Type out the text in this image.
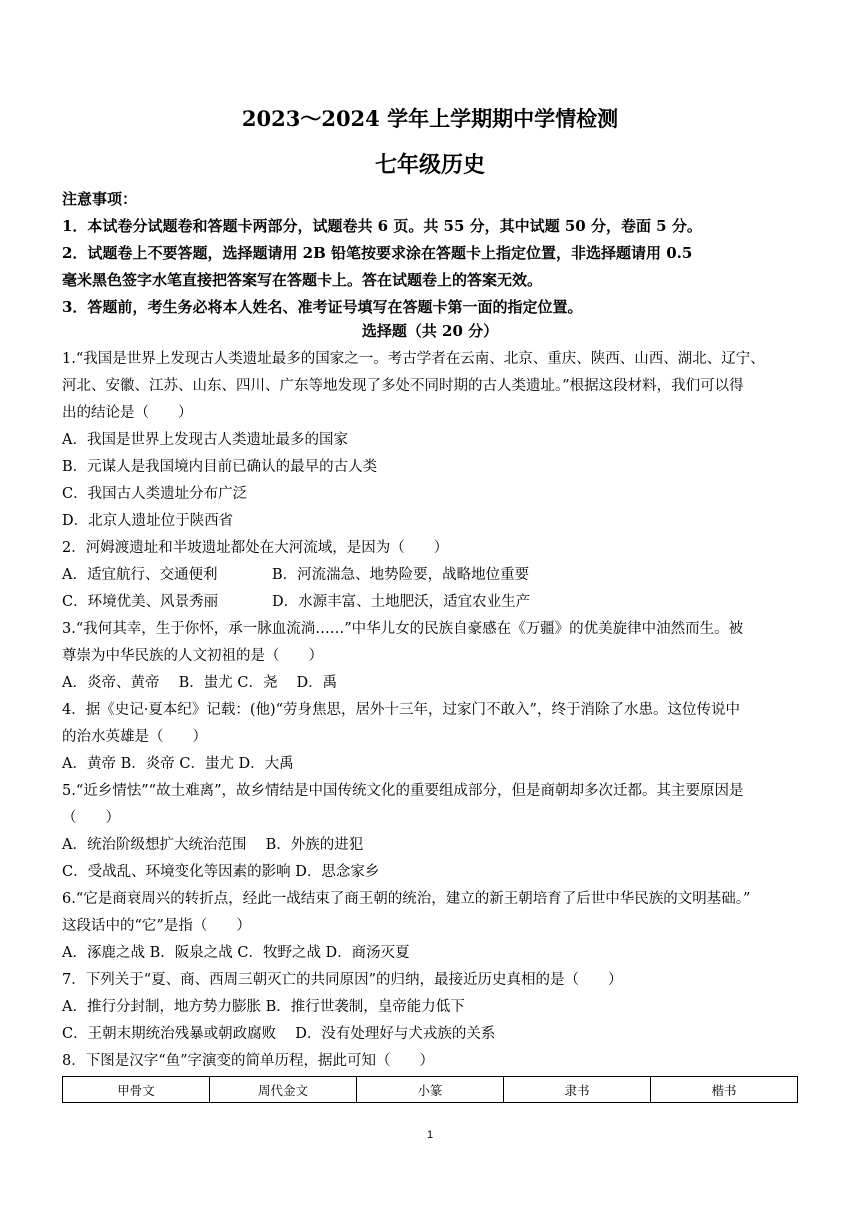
2023～2024 学年上学期期中学情检测
七年级历史
注意事项：
1．本试卷分试题卷和答题卡两部分，试题卷共 6 页。共 55 分，其中试题 50 分，卷面 5 分。
2．试题卷上不要答题，选择题请用 2B 铅笔按要求涂在答题卡上指定位置，非选择题请用 0.5
毫米黑色签字水笔直接把答案写在答题卡上。答在试题卷上的答案无效。
3．答题前，考生务必将本人姓名、准考证号填写在答题卡第一面的指定位置。
选择题（共 20 分）
1.“我国是世界上发现古人类遗址最多的国家之一。考古学者在云南、北京、重庆、陕西、山西、湖北、辽宁、
河北、安徽、江苏、山东、四川、广东等地发现了多处不同时期的古人类遗址。”根据这段材料，我们可以得
出的结论是（　　）
A．我国是世界上发现古人类遗址最多的国家
B．元谋人是我国境内目前已确认的最早的古人类
C．我国古人类遗址分布广泛
D．北京人遗址位于陕西省
2．河姆渡遗址和半坡遗址都处在大河流域，是因为（　　）
A．适宜航行、交通便利	B．河流湍急、地势险要，战略地位重要
C．环境优美、风景秀丽	D．水源丰富、土地肥沃，适宜农业生产
3.“我何其幸，生于你怀，承一脉血流淌……”中华儿女的民族自豪感在《万疆》的优美旋律中油然而生。被
尊崇为中华民族的人文初祖的是（　　）
A．炎帝、黄帝　 B．蚩尤 C．尧　 D．禹
4．据《史记·夏本纪》记载：(他)“劳身焦思，居外十三年，过家门不敢入”，终于消除了水患。这位传说中
的治水英雄是（　　）
A．黄帝 B．炎帝 C．蚩尤 D．大禹
5.“近乡情怯”“故土难离”，故乡情结是中国传统文化的重要组成部分，但是商朝却多次迁都。其主要原因是
（　　）
A．统治阶级想扩大统治范围　 B．外族的进犯
C．受战乱、环境变化等因素的影响 D．思念家乡
6.“它是商衰周兴的转折点，经此一战结束了商王朝的统治，建立的新王朝培育了后世中华民族的文明基础。”
这段话中的“它”是指（　　）
A．涿鹿之战 B．阪泉之战 C．牧野之战 D．商汤灭夏
7．下列关于“夏、商、西周三朝灭亡的共同原因”的归纳，最接近历史真相的是（　　）
A．推行分封制，地方势力膨胀 B．推行世袭制，皇帝能力低下
C．王朝末期统治残暴或朝政腐败　 D．没有处理好与犬戎族的关系
8．下图是汉字“鱼”字演变的简单历程，据此可知（　　）
甲骨文	周代金文	小篆	隶书	楷书
1
